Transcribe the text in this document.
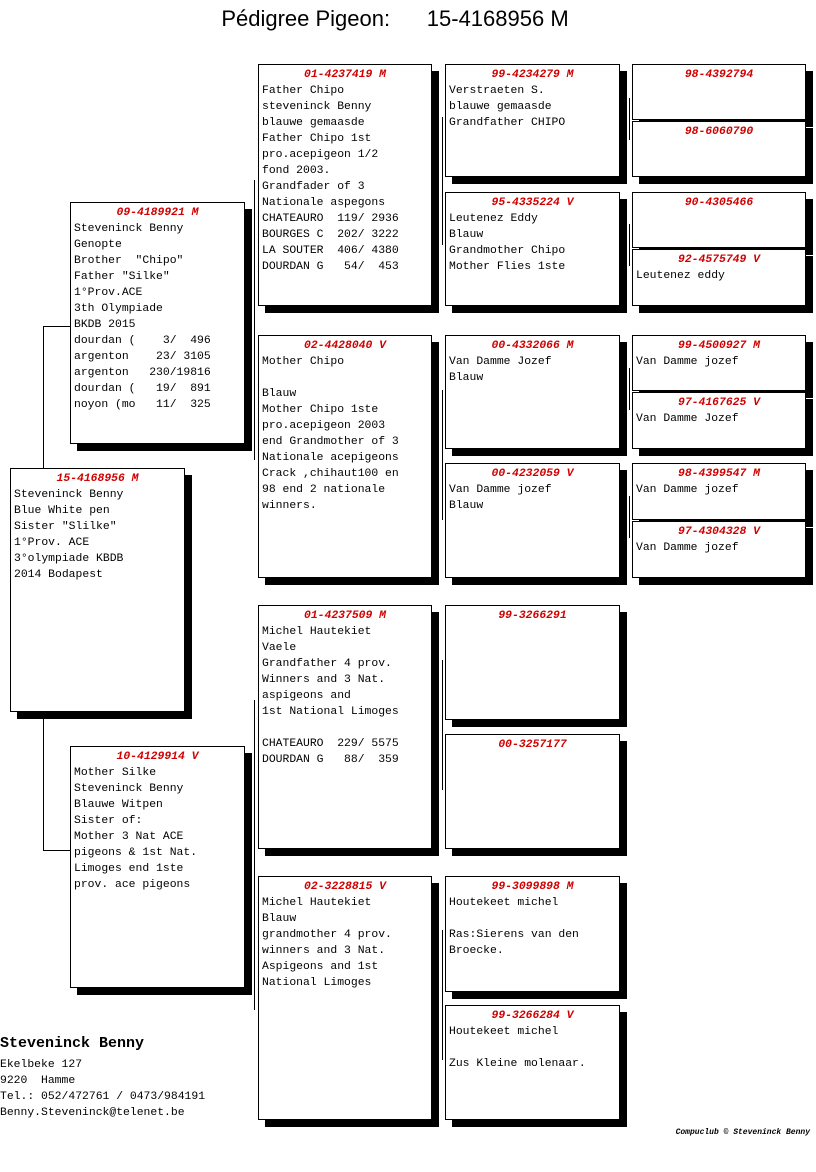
Pédigree Pigeon:      15-4168956 M
15-4168956 M
Steveninck Benny
Blue White pen
Sister "Slilke"
1°Prov. ACE
3°olympiade KBDB
2014 Bodapest
09-4189921 M
Steveninck Benny
Genopte
Brother  "Chipo"
Father "Silke"
1°Prov.ACE
3th Olympiade
BKDB 2015
dourdan (    3/  496
argenton    23/ 3105
argenton   230/19816
dourdan (   19/  891
noyon (mo   11/  325
10-4129914 V
Mother Silke
Steveninck Benny
Blauwe Witpen
Sister of:
Mother 3 Nat ACE
pigeons & 1st Nat.
Limoges end 1ste
prov. ace pigeons
01-4237419 M
Father Chipo
steveninck Benny
blauwe gemaasde
Father Chipo 1st
pro.acepigeon 1/2
fond 2003.
Grandfader of 3
Nationale aspegons
CHATEAURO  119/ 2936
BOURGES C  202/ 3222
LA SOUTER  406/ 4380
DOURDAN G   54/  453
02-4428040 V
Mother Chipo

Blauw
Mother Chipo 1ste
pro.acepigeon 2003
end Grandmother of 3
Nationale acepigeons
Crack ,chihaut100 en
98 end 2 nationale
winners.
01-4237509 M
Michel Hautekiet
Vaele
Grandfather 4 prov.
Winners and 3 Nat.
aspigeons and
1st National Limoges

CHATEAURO  229/ 5575
DOURDAN G   88/  359
02-3228815 V
Michel Hautekiet
Blauw
grandmother 4 prov.
winners and 3 Nat.
Aspigeons and 1st
National Limoges
99-4234279 M
Verstraeten S.
blauwe gemaasde
Grandfather CHIPO
95-4335224 V
Leutenez Eddy
Blauw
Grandmother Chipo
Mother Flies 1ste
00-4332066 M
Van Damme Jozef
Blauw
00-4232059 V
Van Damme jozef
Blauw
99-3266291
00-3257177
99-3099898 M
Houtekeet michel

Ras:Sierens van den
Broecke.
99-3266284 V
Houtekeet michel

Zus Kleine molenaar.
98-4392794
98-6060790
90-4305466
92-4575749 V
Leutenez eddy
99-4500927 M
Van Damme jozef
97-4167625 V
Van Damme Jozef
98-4399547 M
Van Damme jozef
97-4304328 V
Van Damme jozef
Steveninck Benny
Ekelbeke 127
9220  Hamme
Tel.: 052/472761 / 0473/984191
Benny.Steveninck@telenet.be
Compuclub © Steveninck Benny
